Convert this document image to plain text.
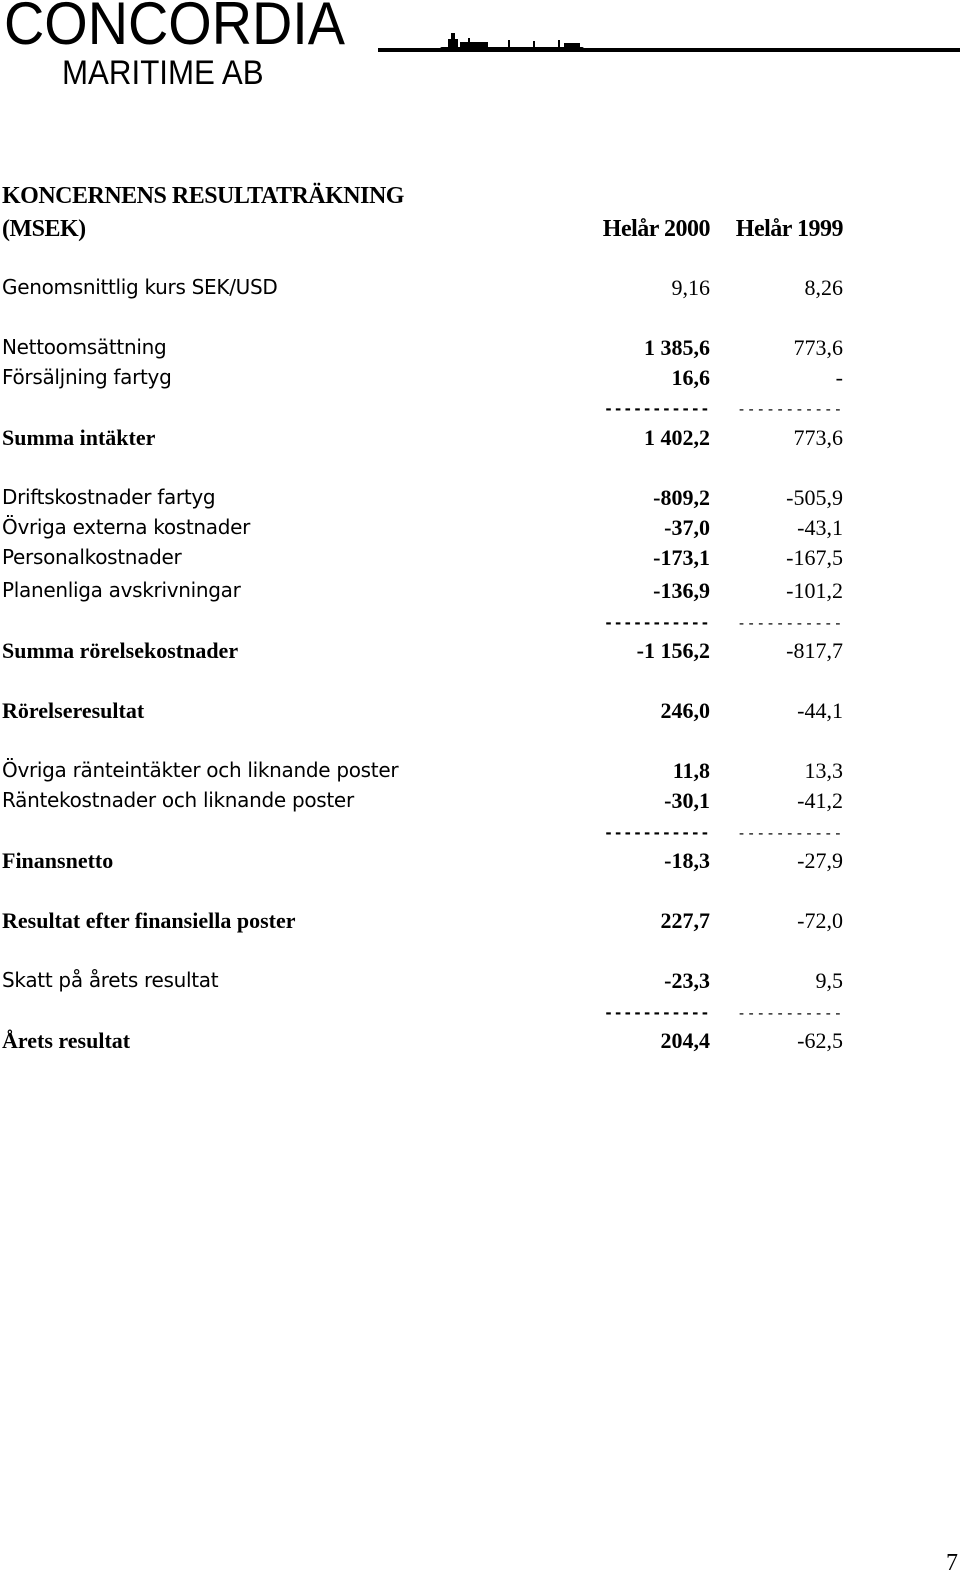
CONCORDIA
MARITIME AB
KONCERNENS RESULTATRÄKNING
(MSEK)	Helår 2000 Helår 1999
Genomsnittlig kurs SEK/USD	9,16	8,26
Nettoomsättning	1 385,6	773,6
Försäljning fartyg	16,6	-
----------- -----------
Summa intäkter	1 402,2	773,6
Driftskostnader fartyg	-809,2	-505,9
Övriga externa kostnader	-37,0	-43,1
Personalkostnader	-173,1	-167,5
Planenliga avskrivningar	-136,9	-101,2
----------- -----------
Summa rörelsekostnader	-1 156,2	-817,7
Rörelseresultat	246,0	-44,1
Övriga ränteintäkter och liknande poster	11,8	13,3
Räntekostnader och liknande poster	-30,1	-41,2
----------- -----------
Finansnetto	-18,3	-27,9
Resultat efter finansiella poster	227,7	-72,0
Skatt på årets resultat	-23,3	9,5
----------- -----------
Årets resultat	204,4	-62,5
7
